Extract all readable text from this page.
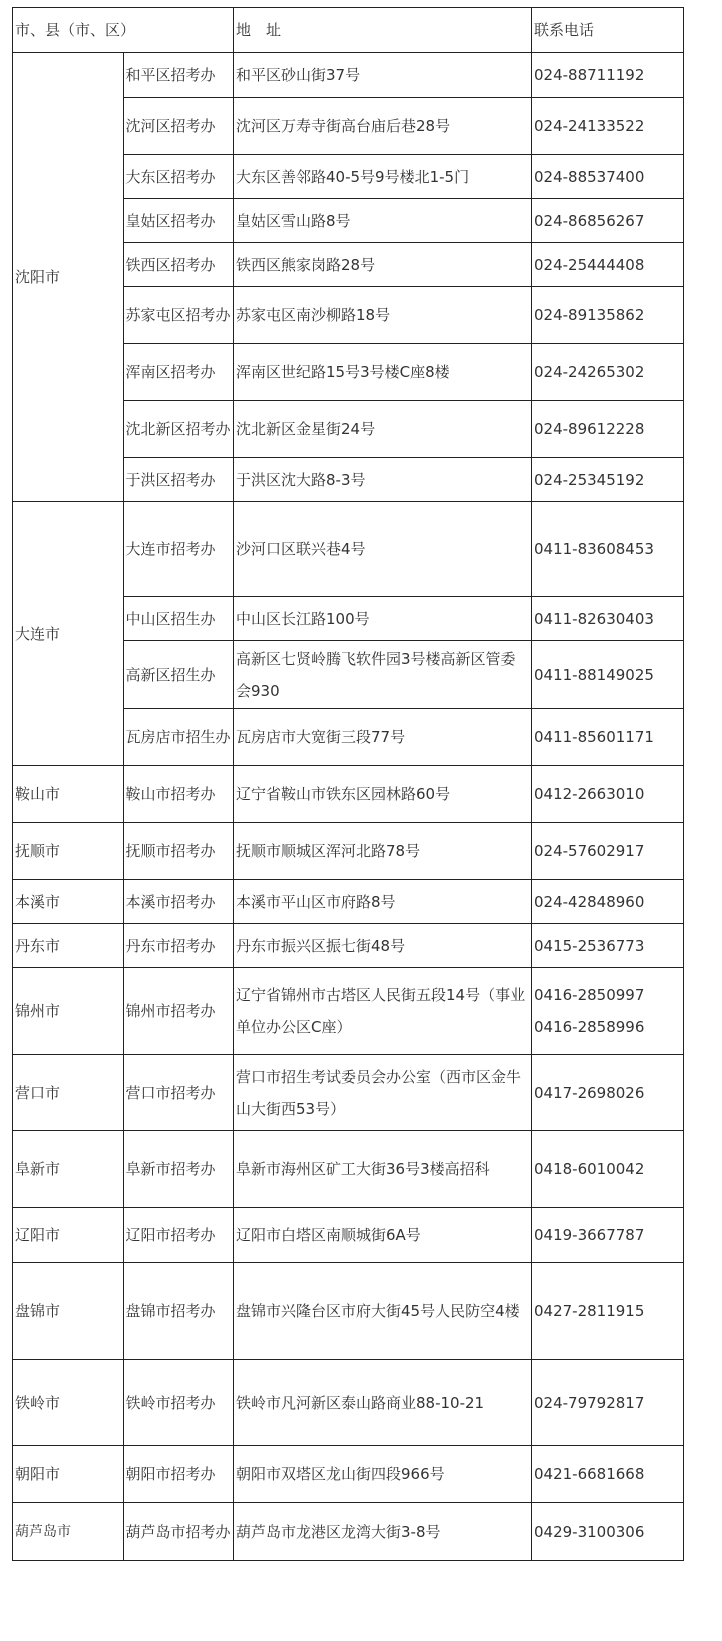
市、县（市、区）		地　址	联系电话
沈阳市	和平区招考办	和平区砂山街37号	024-88711192

	沈河区招考办	沈河区万寿寺街高台庙后巷28号	024-24133522

	大东区招考办	大东区善邻路40-5号9号楼北1-5门	024-88537400

	皇姑区招考办	皇姑区雪山路8号	024-86856267

	铁西区招考办	铁西区熊家岗路28号	024-25444408

	苏家屯区招考办	苏家屯区南沙柳路18号	024-89135862

	浑南区招考办	浑南区世纪路15号3号楼C座8楼	024-24265302

	沈北新区招考办	沈北新区金星街24号	024-89612228

	于洪区招考办	于洪区沈大路8-3号	024-25345192

大连市	大连市招考办	沙河口区联兴巷4号	0411-83608453

	中山区招生办	中山区长江路100号	0411-82630403

	高新区招生办	高新区七贤岭腾飞软件园3号楼高新区管委会930	0411-88149025

	瓦房店市招生办	瓦房店市大宽街三段77号	0411-85601171

鞍山市	鞍山市招考办	辽宁省鞍山市铁东区园林路60号	0412-2663010

抚顺市	抚顺市招考办	抚顺市顺城区浑河北路78号	024-57602917

本溪市	本溪市招考办	本溪市平山区市府路8号	024-42848960

丹东市	丹东市招考办	丹东市振兴区振七街48号	0415-2536773

锦州市	锦州市招考办	辽宁省锦州市古塔区人民街五段14号（事业单位办公区C座）	0416-2850997
0416-2858996

营口市	营口市招考办	营口市招生考试委员会办公室（西市区金牛山大街西53号）	0417-2698026

阜新市	阜新市招考办	阜新市海州区矿工大街36号3楼高招科	0418-6010042

辽阳市	辽阳市招考办	辽阳市白塔区南顺城街6A号	0419-3667787

盘锦市	盘锦市招考办	盘锦市兴隆台区市府大街45号人民防空4楼	0427-2811915

铁岭市	铁岭市招考办	铁岭市凡河新区泰山路商业88-10-21	024-79792817

朝阳市	朝阳市招考办	朝阳市双塔区龙山街四段966号	0421-6681668

葫芦岛市	葫芦岛市招考办	葫芦岛市龙港区龙湾大街3-8号	0429-3100306
